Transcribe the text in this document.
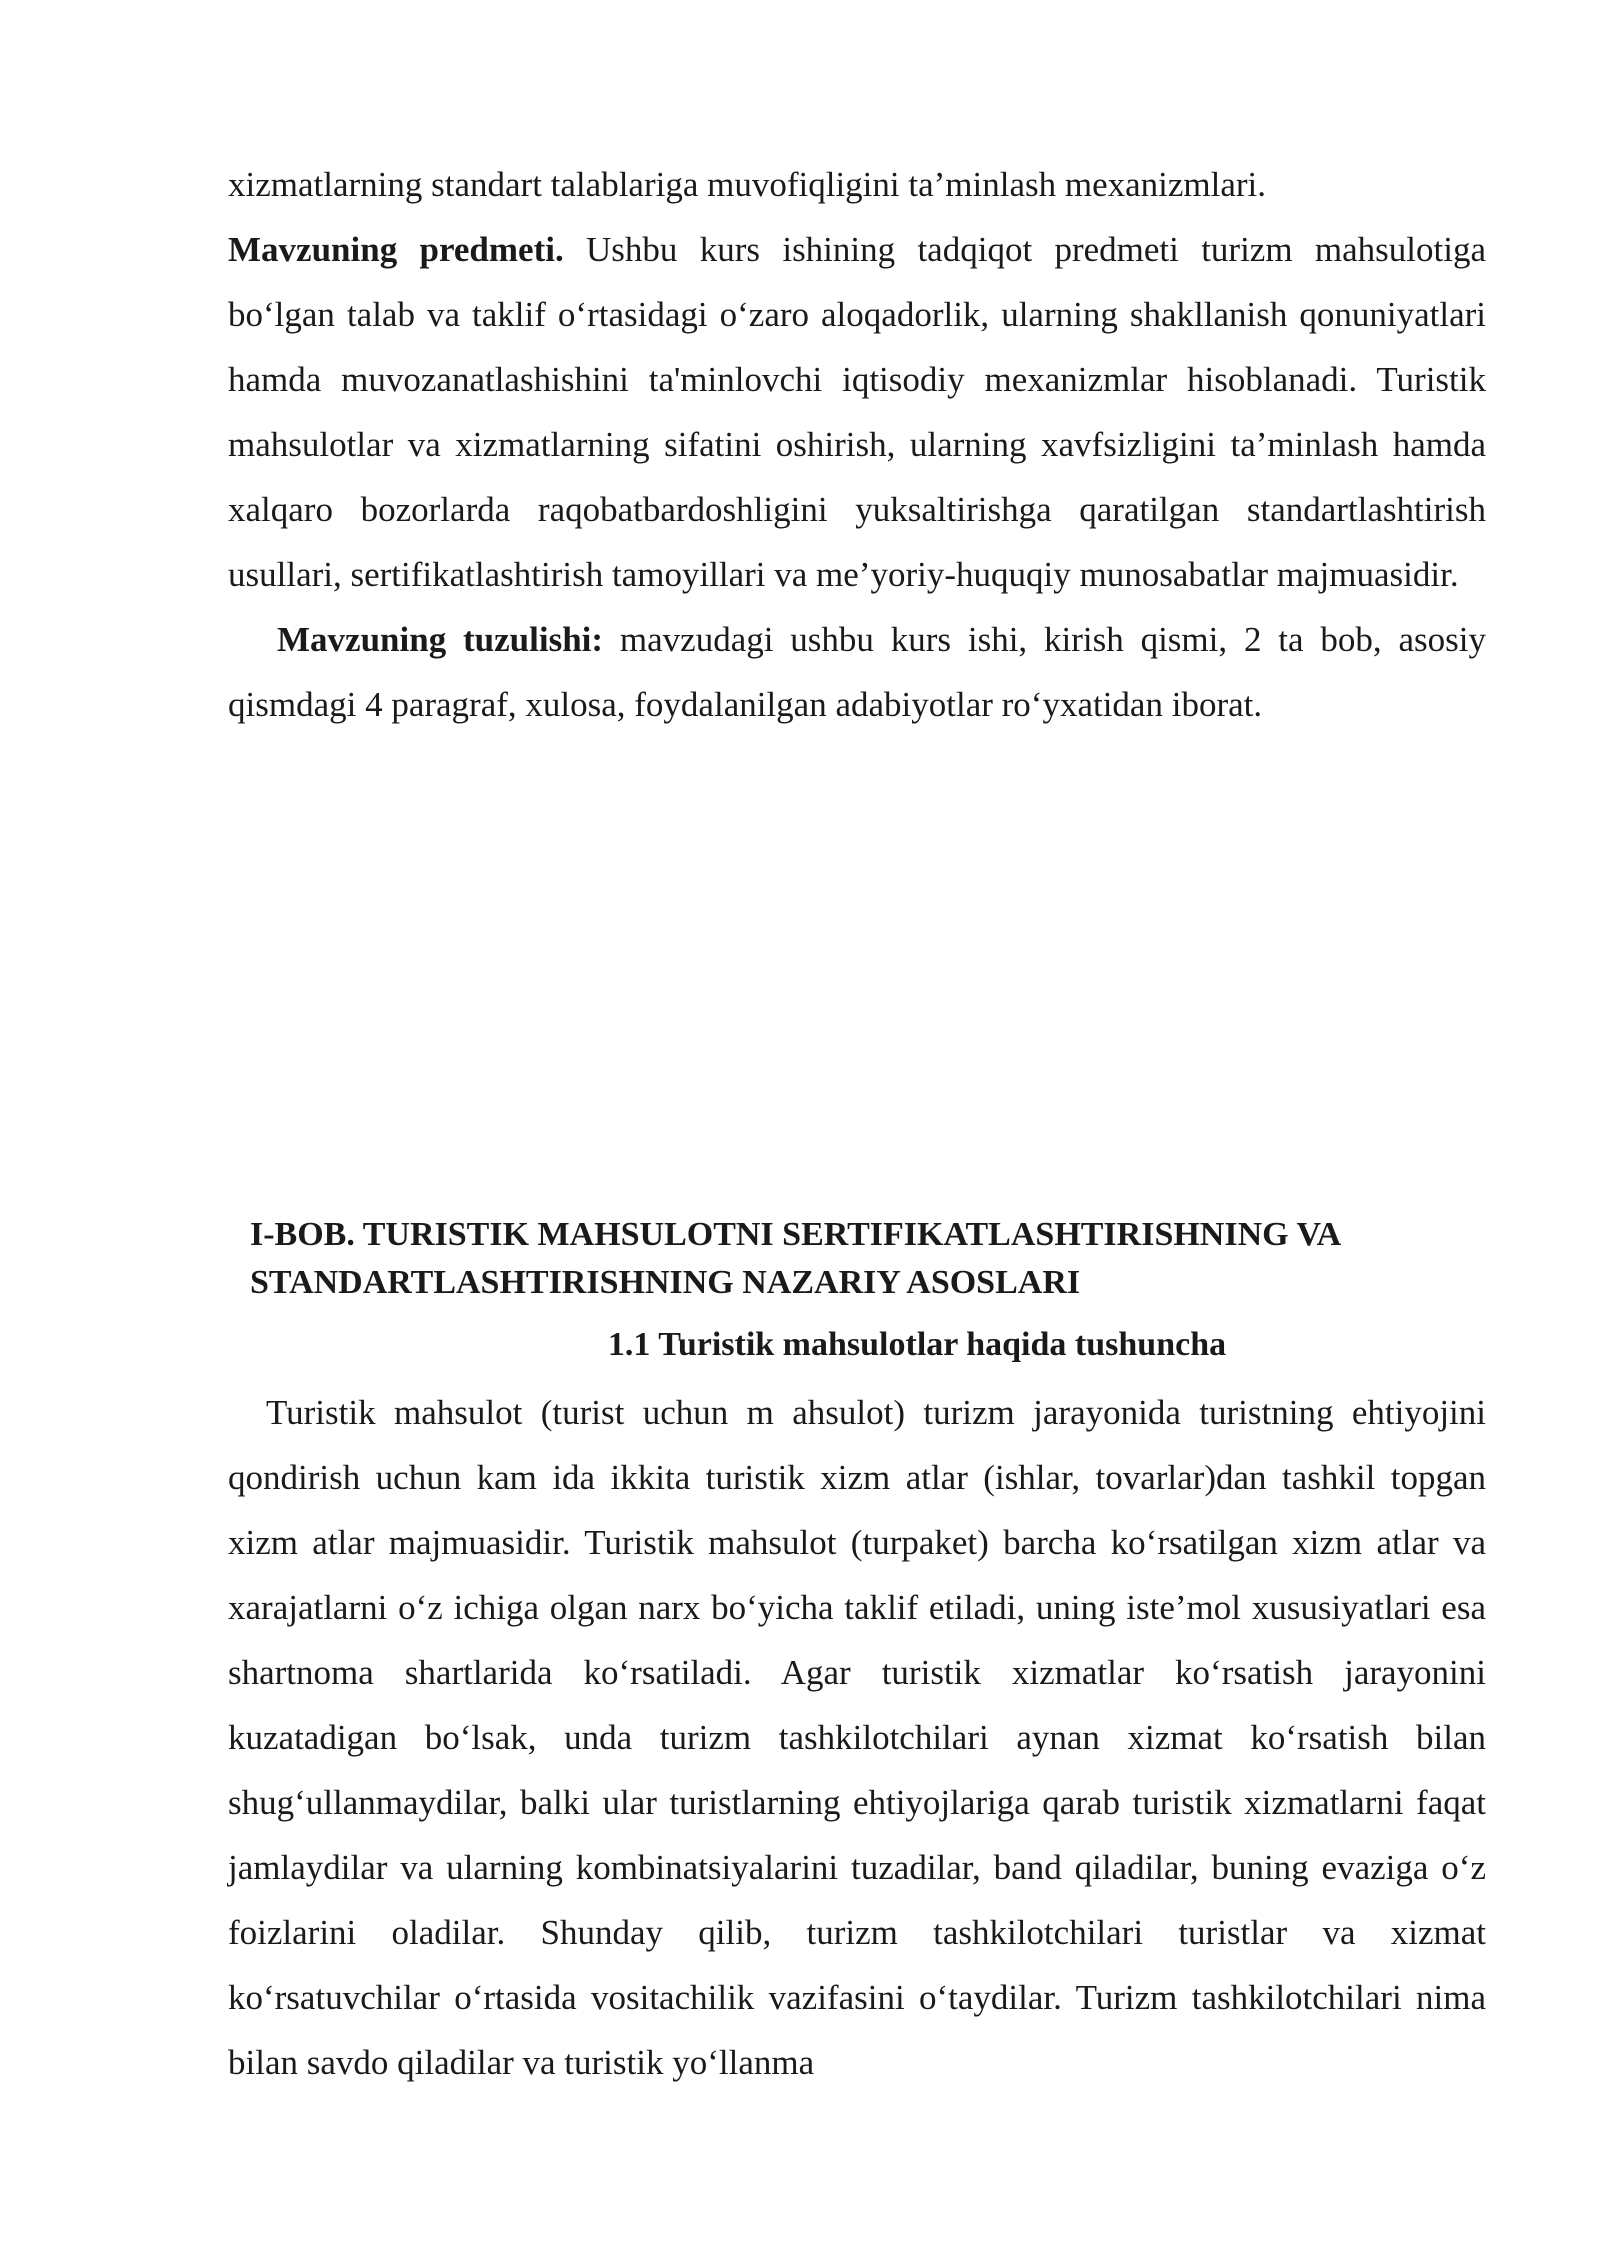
xizmatlarning standart talablariga muvofiqligini ta’minlash mexanizmlari.
Mavzuning predmeti. Ushbu kurs ishining tadqiqot predmeti turizm mahsulotiga bo‘lgan talab va taklif o‘rtasidagi o‘zaro aloqadorlik, ularning shakllanish qonuniyatlari hamda muvozanatlashishini ta'minlovchi iqtisodiy mexanizmlar hisoblanadi. Turistik mahsulotlar va xizmatlarning sifatini oshirish, ularning xavfsizligini ta’minlash hamda xalqaro bozorlarda raqobatbardoshligini yuksaltirishga qaratilgan standartlashtirish usullari, sertifikatlashtirish tamoyillari va me’yoriy-huquqiy munosabatlar majmuasidir.

Mavzuning tuzulishi: mavzudagi ushbu kurs ishi, kirish qismi, 2 ta bob, asosiy qismdagi 4 paragraf, xulosa, foydalanilgan adabiyotlar ro‘yxatidan iborat.

I-BOB. TURISTIK MAHSULOTNI SERTIFIKATLASHTIRISHNING VA STANDARTLASHTIRISHNING NAZARIY ASOSLARI
1.1 Turistik mahsulotlar haqida tushuncha

Turistik mahsulot (turist uchun m ahsulot) turizm jarayonida turistning ehtiyojini qondirish uchun kam ida ikkita turistik xizm atlar (ishlar, tovarlar)dan tashkil topgan xizm atlar majmuasidir. Turistik mahsulot (turpaket) barcha ko‘rsatilgan xizm atlar va xarajatlarni o‘z ichiga olgan narx bo‘yicha taklif etiladi, uning iste’mol xususiyatlari esa shartnoma shartlarida ko‘rsatiladi. Agar turistik xizmatlar ko‘rsatish jarayonini kuzatadigan bo‘lsak, unda turizm tashkilotchilari aynan xizmat ko‘rsatish bilan shug‘ullanmaydilar, balki ular turistlarning ehtiyojlariga qarab turistik xizmatlarni faqat jamlaydilar va ularning kombinatsiyalarini tuzadilar, band qiladilar, buning evaziga o‘z foizlarini oladilar. Shunday qilib, turizm tashkilotchilari turistlar va xizmat ko‘rsatuvchilar o‘rtasida vositachilik vazifasini o‘taydilar. Turizm tashkilotchilari nima bilan savdo qiladilar va turistik yo‘llanma
